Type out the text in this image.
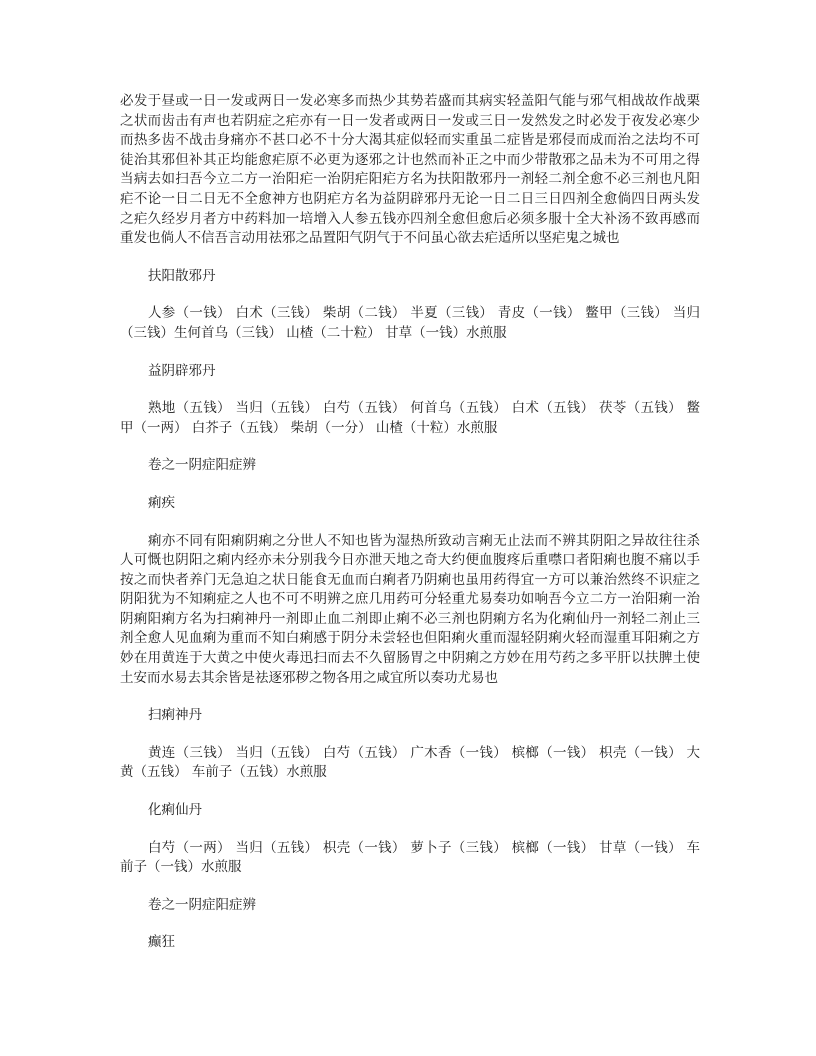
必发于昼或一日一发或两日一发必寒多而热少其势若盛而其病实轻盖阳气能与邪气相战故作战栗之状而齿击有声也若阴症之疟亦有一日一发者或两日一发或三日一发然发之时必发于夜发必寒少而热多齿不战击身痛亦不甚口必不十分大渴其症似轻而实重虽二症皆是邪侵而成而治之法均不可徒治其邪但补其正均能愈疟原不必更为逐邪之计也然而补正之中而少带散邪之品未为不可用之得当病去如扫吾今立二方一治阳疟一治阴疟阳疟方名为扶阳散邪丹一剂轻二剂全愈不必三剂也凡阳疟不论一日二日无不全愈神方也阴疟方名为益阴辟邪丹无论一日二日三日四剂全愈倘四日两头发之疟久经岁月者方中药料加一培增入人参五钱亦四剂全愈但愈后必须多服十全大补汤不致再感而重发也倘人不信吾言动用祛邪之品置阳气阴气于不问虽心欲去疟适所以坚疟鬼之城也

扶阳散邪丹

人参（一钱） 白术（三钱） 柴胡（二钱） 半夏（三钱） 青皮（一钱） 鳖甲（三钱） 当归（三钱）生何首乌（三钱） 山楂（二十粒） 甘草（一钱）水煎服

益阴辟邪丹

熟地（五钱） 当归（五钱） 白芍（五钱） 何首乌（五钱） 白术（五钱） 茯苓（五钱） 鳖甲（一两） 白芥子（五钱） 柴胡（一分） 山楂（十粒）水煎服

卷之一阴症阳症辨

痢疾

痢亦不同有阳痢阴痢之分世人不知也皆为湿热所致动言痢无止法而不辨其阴阳之异故往往杀人可慨也阴阳之痢内经亦未分别我今日亦泄天地之奇大约便血腹疼后重噤口者阳痢也腹不痛以手按之而快者养门无急迫之状日能食无血而白痢者乃阴痢也虽用药得宜一方可以兼治然终不识症之阴阳犹为不知痢症之人也不可不明辨之庶几用药可分轻重尤易奏功如响吾今立二方一治阳痢一治阴痢阳痢方名为扫痢神丹一剂即止血二剂即止痢不必三剂也阴痢方名为化痢仙丹一剂轻二剂止三剂全愈人见血痢为重而不知白痢感于阴分未尝轻也但阳痢火重而湿轻阴痢火轻而湿重耳阳痢之方妙在用黄连于大黄之中使火毒迅扫而去不久留肠胃之中阴痢之方妙在用芍药之多平肝以扶脾土使土安而水易去其余皆是祛逐邪秽之物各用之咸宜所以奏功尤易也

扫痢神丹

黄连（三钱） 当归（五钱） 白芍（五钱） 广木香（一钱） 槟榔（一钱） 枳壳（一钱） 大黄（五钱） 车前子（五钱）水煎服

化痢仙丹

白芍（一两） 当归（五钱） 枳壳（一钱） 萝卜子（三钱） 槟榔（一钱） 甘草（一钱） 车前子（一钱）水煎服

卷之一阴症阳症辨

癫狂
